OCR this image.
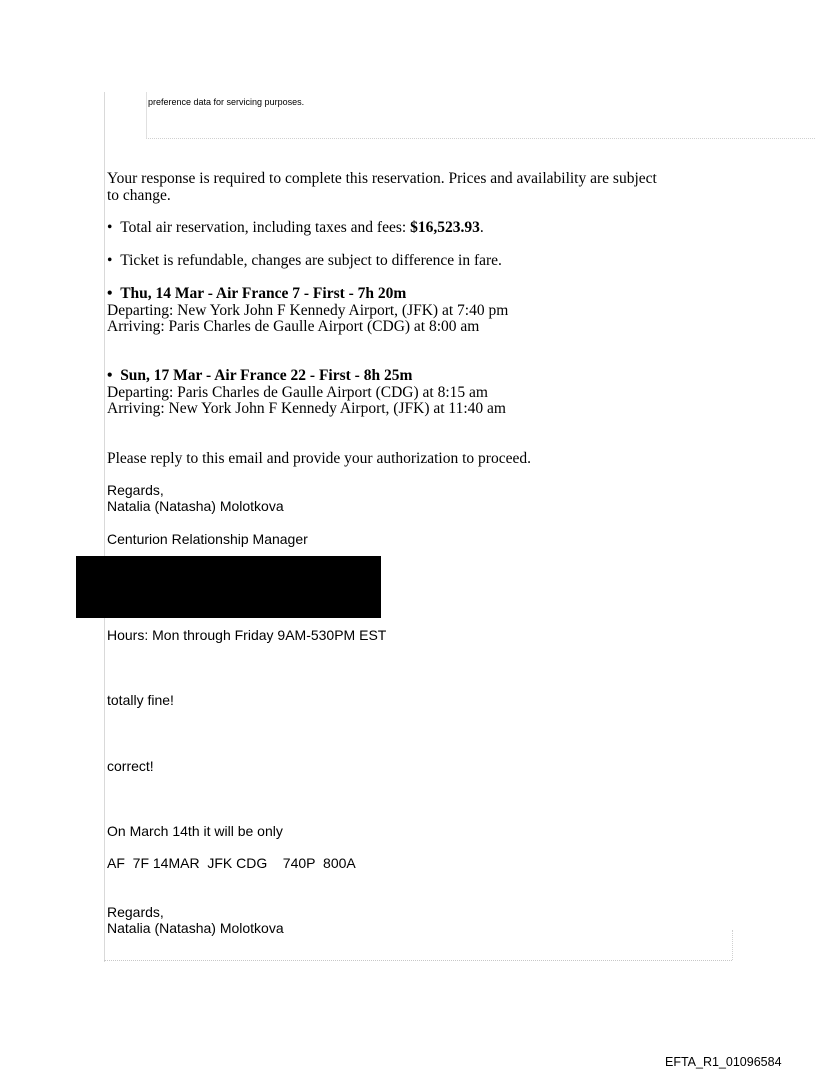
preference data for servicing purposes.

Your response is required to complete this reservation. Prices and availability are subject

to change.

•  Total air reservation, including taxes and fees: $16,523.93.

•  Ticket is refundable, changes are subject to difference in fare.

•  Thu, 14 Mar - Air France 7 - First - 7h 20m

Departing: New York John F Kennedy Airport, (JFK) at 7:40 pm

Arriving: Paris Charles de Gaulle Airport (CDG) at 8:00 am

•  Sun, 17 Mar - Air France 22 - First - 8h 25m

Departing: Paris Charles de Gaulle Airport (CDG) at 8:15 am

Arriving: New York John F Kennedy Airport, (JFK) at 11:40 am

Please reply to this email and provide your authorization to proceed.

Regards,

Natalia (Natasha) Molotkova

Centurion Relationship Manager

Hours: Mon through Friday 9AM-530PM EST

totally fine!

correct!

On March 14th it will be only

AF  7F 14MAR  JFK CDG    740P  800A

Regards,

Natalia (Natasha) Molotkova

EFTA_R1_01096584
